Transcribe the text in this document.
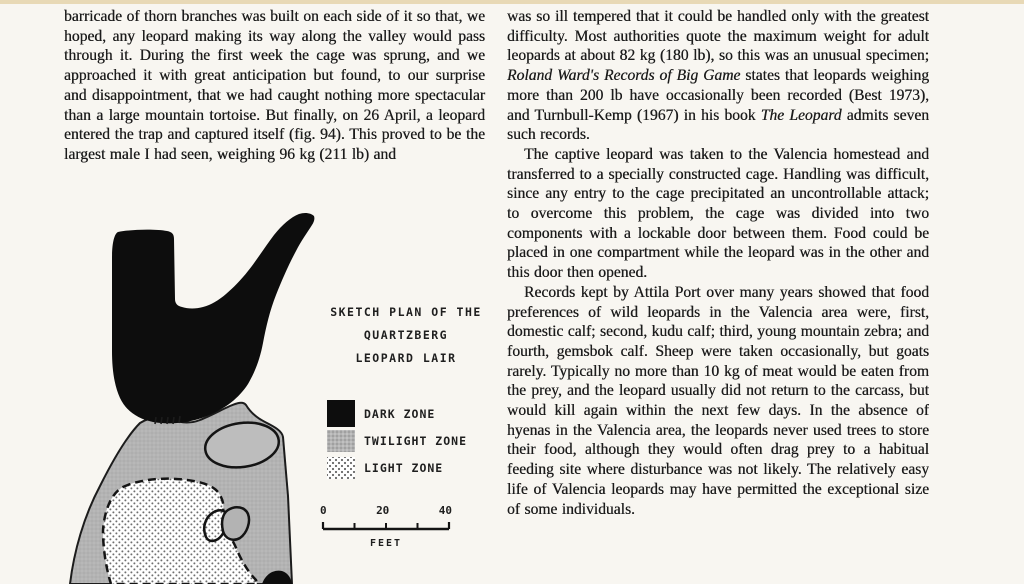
barricade of thorn branches was built on each side of it so that, we hoped, any leopard making its way along the valley would pass through it. During the first week the cage was sprung, and we approached it with great anticipation but found, to our surprise and disappointment, that we had caught nothing more spectacular than a large mountain tortoise. But finally, on 26 April, a leopard entered the trap and captured itself (fig. 94). This proved to be the largest male I had seen, weighing 96 kg (211 lb) and

was so ill tempered that it could be handled only with the greatest difficulty. Most authorities quote the maximum weight for adult leopards at about 82 kg (180 lb), so this was an unusual specimen; Roland Ward's Records of Big Game states that leopards weighing more than 200 lb have occasionally been recorded (Best 1973), and Turnbull-Kemp (1967) in his book The Leopard admits seven such records.

The captive leopard was taken to the Valencia homestead and transferred to a specially constructed cage. Handling was difficult, since any entry to the cage precipitated an uncontrollable attack; to overcome this problem, the cage was divided into two components with a lockable door between them. Food could be placed in one compartment while the leopard was in the other and this door then opened.

Records kept by Attila Port over many years showed that food preferences of wild leopards in the Valencia area were, first, domestic calf; second, kudu calf; third, young mountain zebra; and fourth, gemsbok calf. Sheep were taken occasionally, but goats rarely. Typically no more than 10 kg of meat would be eaten from the prey, and the leopard usually did not return to the carcass, but would kill again within the next few days. In the absence of hyenas in the Valencia area, the leopards never used trees to store their food, although they would often drag prey to a habitual feeding site where disturbance was not likely. The relatively easy life of Valencia leopards may have permitted the exceptional size of some individuals.

SKETCH PLAN OF THE
QUARTZBERG
LEOPARD LAIR
DARK ZONE
TWILIGHT ZONE
LIGHT ZONE
0	20	40
FEET
